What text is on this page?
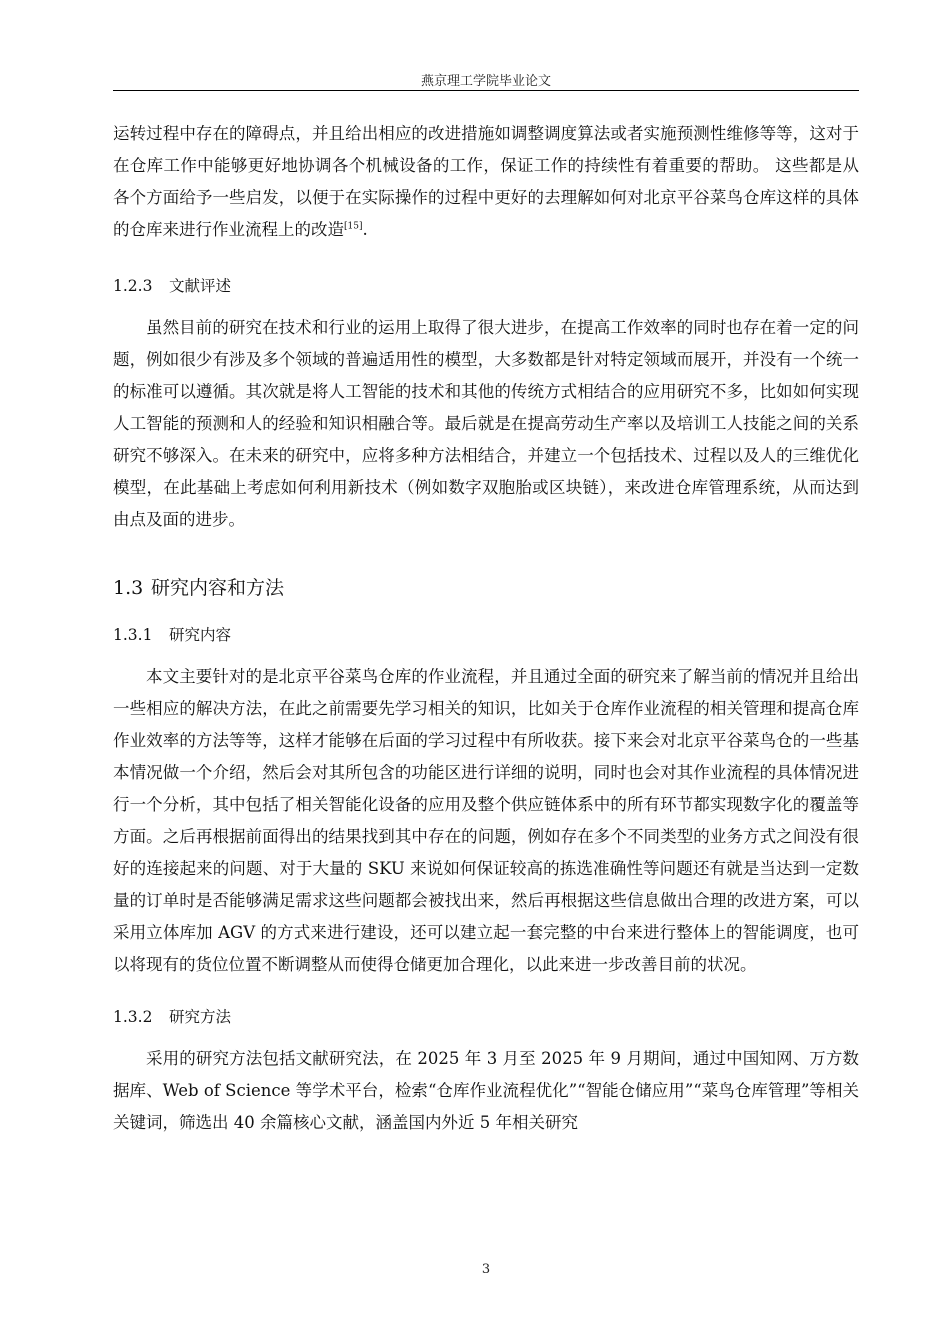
燕京理工学院毕业论文

运转过程中存在的障碍点，并且给出相应的改进措施如调整调度算法或者实施预测性维修等等，这对于在仓库工作中能够更好地协调各个机械设备的工作，保证工作的持续性有着重要的帮助。 这些都是从各个方面给予一些启发，以便于在实际操作的过程中更好的去理解如何对北京平谷菜鸟仓库这样的具体的仓库来进行作业流程上的改造[15].

1.2.3 文献评述

虽然目前的研究在技术和行业的运用上取得了很大进步，在提高工作效率的同时也存在着一定的问题，例如很少有涉及多个领域的普遍适用性的模型，大多数都是针对特定领域而展开，并没有一个统一的标准可以遵循。其次就是将人工智能的技术和其他的传统方式相结合的应用研究不多，比如如何实现人工智能的预测和人的经验和知识相融合等。最后就是在提高劳动生产率以及培训工人技能之间的关系研究不够深入。在未来的研究中，应将多种方法相结合，并建立一个包括技术、过程以及人的三维优化模型，在此基础上考虑如何利用新技术（例如数字双胞胎或区块链），来改进仓库管理系统，从而达到由点及面的进步。

1.3 研究内容和方法
1.3.1 研究内容

本文主要针对的是北京平谷菜鸟仓库的作业流程，并且通过全面的研究来了解当前的情况并且给出一些相应的解决方法，在此之前需要先学习相关的知识，比如关于仓库作业流程的相关管理和提高仓库作业效率的方法等等，这样才能够在后面的学习过程中有所收获。接下来会对北京平谷菜鸟仓的一些基本情况做一个介绍，然后会对其所包含的功能区进行详细的说明，同时也会对其作业流程的具体情况进行一个分析，其中包括了相关智能化设备的应用及整个供应链体系中的所有环节都实现数字化的覆盖等方面。之后再根据前面得出的结果找到其中存在的问题，例如存在多个不同类型的业务方式之间没有很好的连接起来的问题、对于大量的 SKU 来说如何保证较高的拣选准确性等问题还有就是当达到一定数量的订单时是否能够满足需求这些问题都会被找出来，然后再根据这些信息做出合理的改进方案，可以采用立体库加 AGV 的方式来进行建设，还可以建立起一套完整的中台来进行整体上的智能调度，也可以将现有的货位位置不断调整从而使得仓储更加合理化，以此来进一步改善目前的状况。

1.3.2 研究方法

采用的研究方法包括文献研究法，在 2025 年 3 月至 2025 年 9 月期间，通过中国知网、万方数据库、Web of Science 等学术平台，检索“仓库作业流程优化”“智能仓储应用”“菜鸟仓库管理”等相关关键词，筛选出 40 余篇核心文献，涵盖国内外近 5 年相关研究

3
